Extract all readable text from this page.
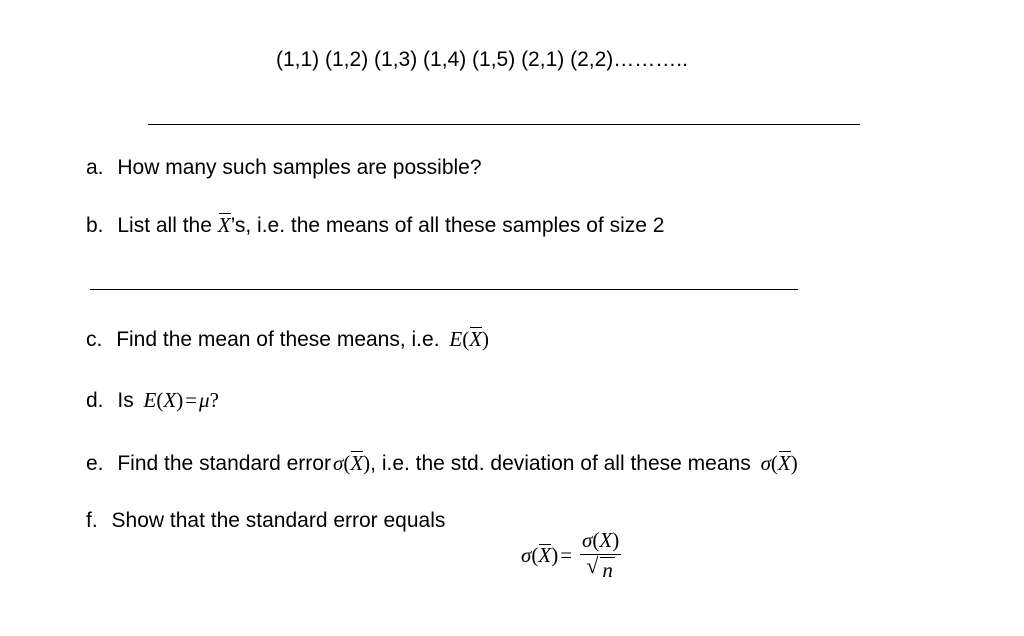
(1,1) (1,2) (1,3) (1,4) (1,5) (2,1) (2,2)………..
a. How many such samples are possible?
b. List all the X’s, i.e. the means of all these samples of size 2
c. Find the mean of these means, i.e. E(X)
d. Is E(X)=μ?
e. Find the standard errorσ(X), i.e. the std. deviation of all these means σ(X)
f. Show that the standard error equals
$\sigma(X)= \frac{\sigma(X)}{√ n}$
